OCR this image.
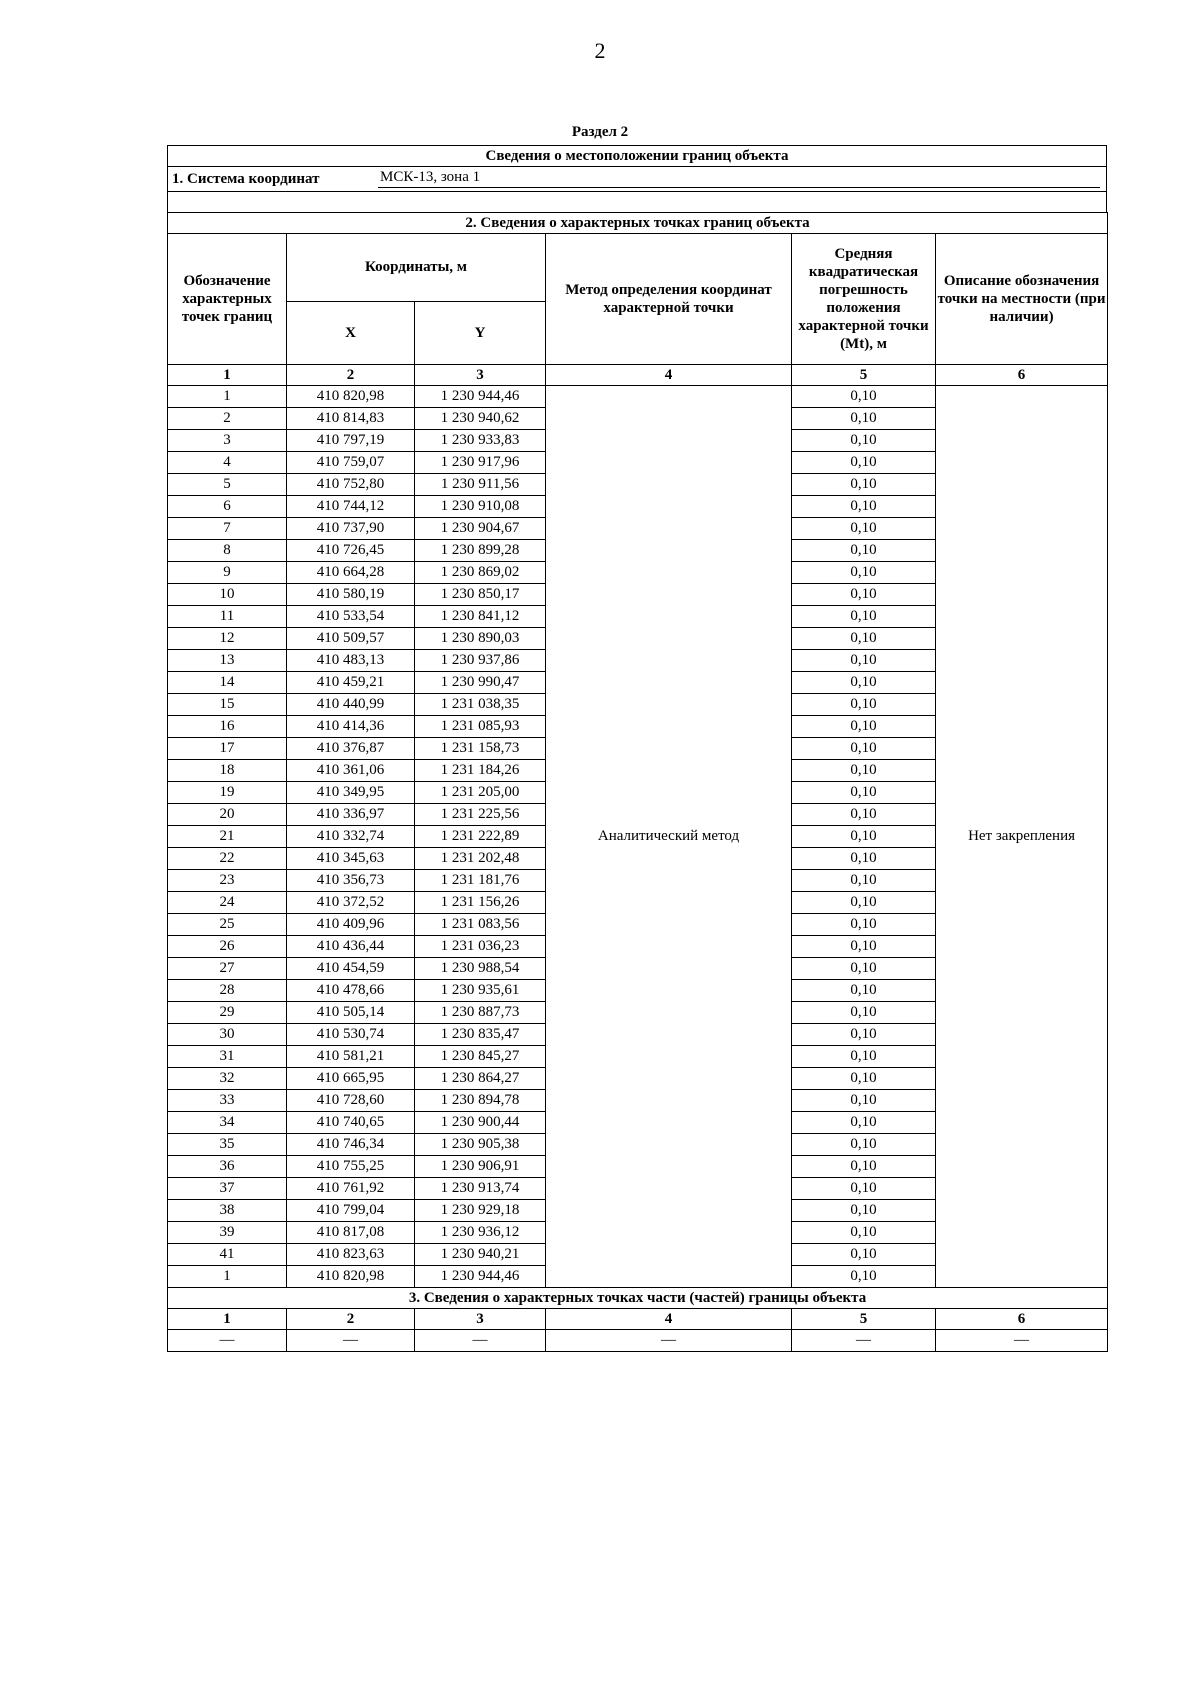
2
Раздел 2
Сведения о местоположении границ объекта
1. Система координат	МСК-13, зона 1
2. Сведения о характерных точках границ объекта					
Обозначение характерных точек границ	Координаты, м		Метод определения координат характерной точки	Средняя квадратическая погрешность положения характерной точки (Mt), м	Описание обозначения точки на местности (при наличии)
	X	Y			
1	2	3	4	5	6
1	410 820,98	1 230 944,46	Аналитический метод	0,10	Нет закрепления
2	410 814,83	1 230 940,62		0,10	
3	410 797,19	1 230 933,83		0,10	
4	410 759,07	1 230 917,96		0,10	
5	410 752,80	1 230 911,56		0,10	
6	410 744,12	1 230 910,08		0,10	
7	410 737,90	1 230 904,67		0,10	
8	410 726,45	1 230 899,28		0,10	
9	410 664,28	1 230 869,02		0,10	
10	410 580,19	1 230 850,17		0,10	
11	410 533,54	1 230 841,12		0,10	
12	410 509,57	1 230 890,03		0,10	
13	410 483,13	1 230 937,86		0,10	
14	410 459,21	1 230 990,47		0,10	
15	410 440,99	1 231 038,35		0,10	
16	410 414,36	1 231 085,93		0,10	
17	410 376,87	1 231 158,73		0,10	
18	410 361,06	1 231 184,26		0,10	
19	410 349,95	1 231 205,00		0,10	
20	410 336,97	1 231 225,56		0,10	
21	410 332,74	1 231 222,89		0,10	
22	410 345,63	1 231 202,48		0,10	
23	410 356,73	1 231 181,76		0,10	
24	410 372,52	1 231 156,26		0,10	
25	410 409,96	1 231 083,56		0,10	
26	410 436,44	1 231 036,23		0,10	
27	410 454,59	1 230 988,54		0,10	
28	410 478,66	1 230 935,61		0,10	
29	410 505,14	1 230 887,73		0,10	
30	410 530,74	1 230 835,47		0,10	
31	410 581,21	1 230 845,27		0,10	
32	410 665,95	1 230 864,27		0,10	
33	410 728,60	1 230 894,78		0,10	
34	410 740,65	1 230 900,44		0,10	
35	410 746,34	1 230 905,38		0,10	
36	410 755,25	1 230 906,91		0,10	
37	410 761,92	1 230 913,74		0,10	
38	410 799,04	1 230 929,18		0,10	
39	410 817,08	1 230 936,12		0,10	
41	410 823,63	1 230 940,21		0,10	
1	410 820,98	1 230 944,46		0,10	
3. Сведения о характерных точках части (частей) границы объекта					
1	2	3	4	5	6
—	—	—	—	—	—
